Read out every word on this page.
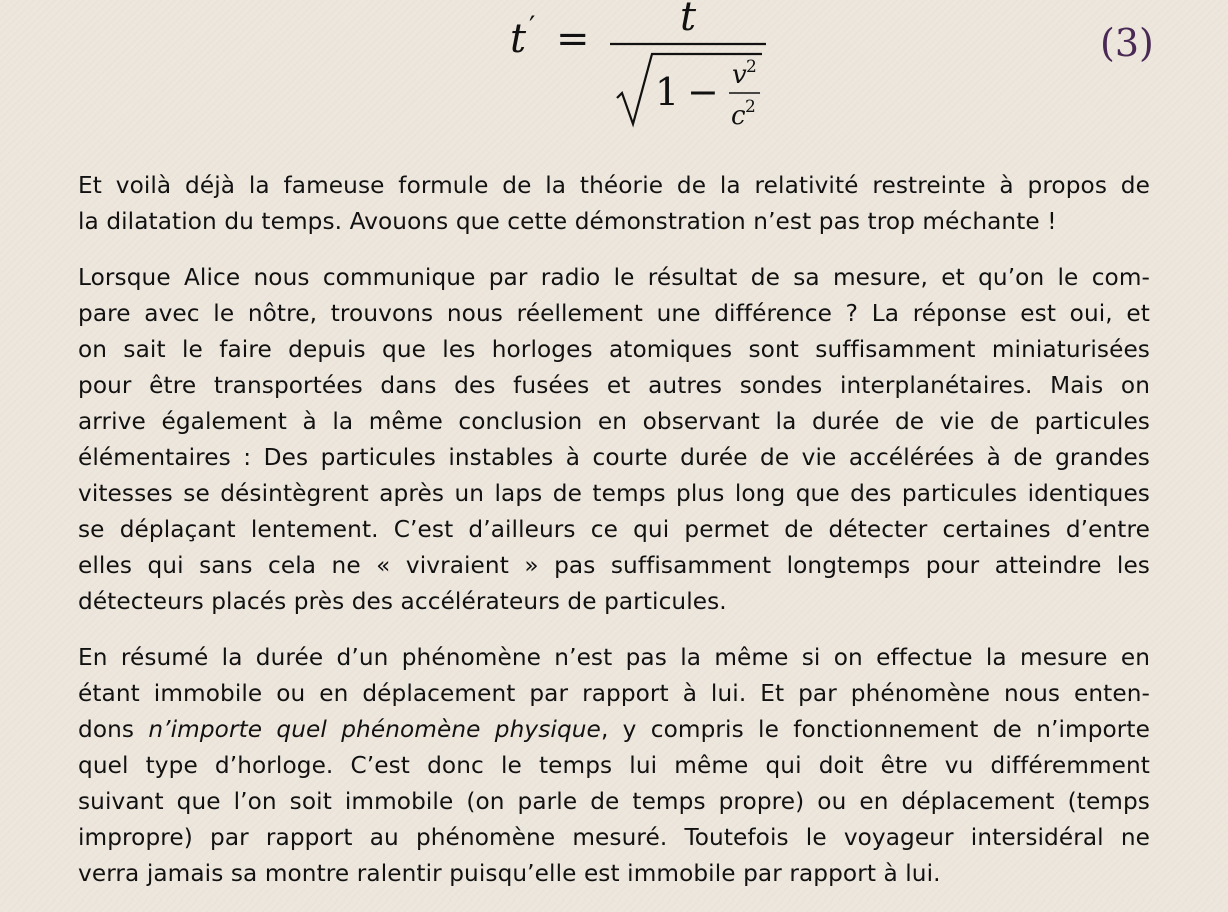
t ′ = t
1 − v 2
c 2
(3)

Et voilà déjà la fameuse formule de la théorie de la relativité restreinte à propos de
la dilatation du temps. Avouons que cette démonstration n’est pas trop méchante !

Lorsque Alice nous communique par radio le résultat de sa mesure, et qu’on le com-
pare avec le nôtre, trouvons nous réellement une différence ? La réponse est oui, et
on sait le faire depuis que les horloges atomiques sont suffisamment miniaturisées
pour être transportées dans des fusées et autres sondes interplanétaires. Mais on
arrive également à la même conclusion en observant la durée de vie de particules
élémentaires : Des particules instables à courte durée de vie accélérées à de grandes
vitesses se désintègrent après un laps de temps plus long que des particules identiques
se déplaçant lentement. C’est d’ailleurs ce qui permet de détecter certaines d’entre
elles qui sans cela ne « vivraient » pas suffisamment longtemps pour atteindre les
détecteurs placés près des accélérateurs de particules.

En résumé la durée d’un phénomène n’est pas la même si on effectue la mesure en
étant immobile ou en déplacement par rapport à lui. Et par phénomène nous enten-
dons n’importe quel phénomène physique, y compris le fonctionnement de n’importe
quel type d’horloge. C’est donc le temps lui même qui doit être vu différemment
suivant que l’on soit immobile (on parle de temps propre) ou en déplacement (temps
impropre) par rapport au phénomène mesuré. Toutefois le voyageur intersidéral ne
verra jamais sa montre ralentir puisqu’elle est immobile par rapport à lui.
